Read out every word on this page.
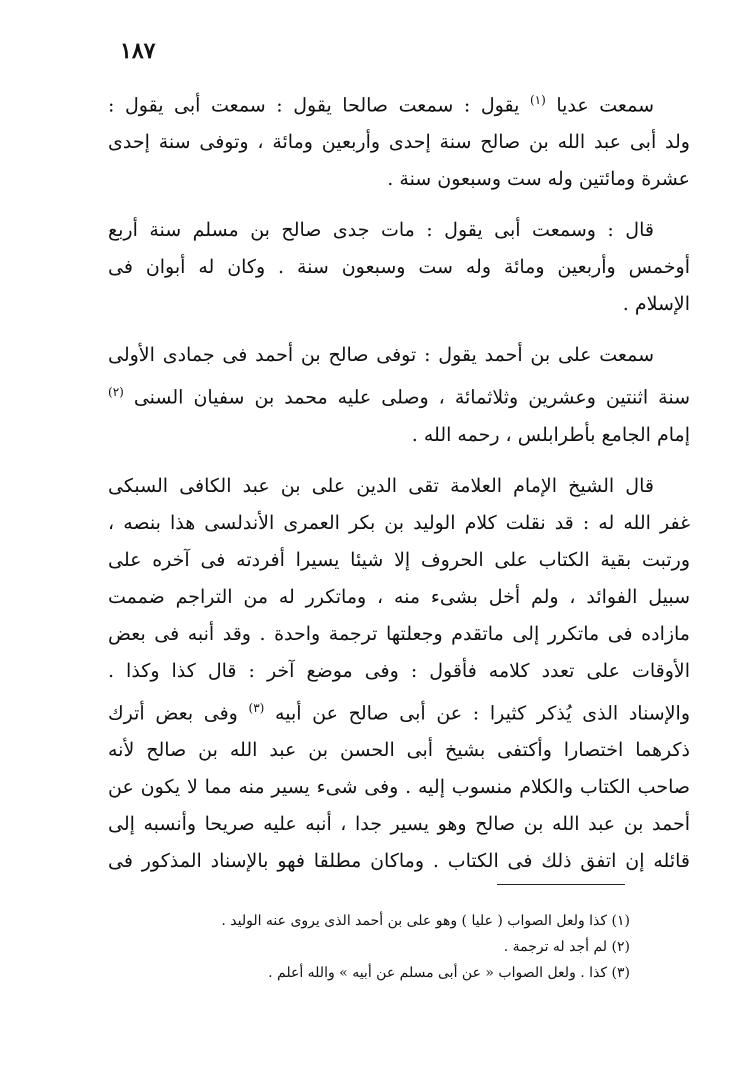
١٨٧

سمعت عديا $^{(١)}$ يقول : سمعت صالحا يقول : سمعت أبى يقول :
ولد أبى عبد الله بن صالح سنة إحدى وأربعين ومائة ، وتوفى سنة إحدى
عشرة ومائتين وله ست وسبعون سنة .

قال : وسمعت أبى يقول : مات جدى صالح بن مسلم سنة أربع
أوخمس وأربعين ومائة وله ست وسبعون سنة . وكان له أبوان فى
الإسلام .

سمعت على بن أحمد يقول : توفى صالح بن أحمد فى جمادى الأولى
سنة اثنتين وعشرين وثلاثمائة ، وصلى عليه محمد بن سفيان السنى $^{(٢)}$
إمام الجامع بأطرابلس ، رحمه الله .

قال الشيخ الإمام العلامة تقى الدين على بن عبد الكافى السبكى
غفر الله له : قد نقلت كلام الوليد بن بكر العمرى الأندلسى هذا بنصه ،
ورتبت بقية الكتاب على الحروف إلا شيئا يسيرا أفردته فى آخره على
سبيل الفوائد ، ولم أخل بشىء منه ، وماتكرر له من التراجم ضممت
مازاده فى ماتكرر إلى ماتقدم وجعلتها ترجمة واحدة . وقد أنبه فى بعض
الأوقات على تعدد كلامه فأقول : وفى موضع آخر : قال كذا وكذا .
والإسناد الذى يُذكر كثيرا : عن أبى صالح عن أبيه $^{(٣)}$ وفى بعض أترك
ذكرهما اختصارا وأكتفى بشيخ أبى الحسن بن عبد الله بن صالح لأنه
صاحب الكتاب والكلام منسوب إليه . وفى شىء يسير منه مما لا يكون عن
أحمد بن عبد الله بن صالح وهو يسير جدا ، أنبه عليه صريحا وأنسبه إلى
قائله إن اتفق ذلك فى الكتاب . وماكان مطلقا فهو بالإسناد المذكور فى

(١) كذا ولعل الصواب ( عليا ) وهو على بن أحمد الذى يروى عنه الوليد .
(٢) لم أجد له ترجمة .
(٣) كذا . ولعل الصواب « عن أبى مسلم عن أبيه » والله أعلم .
